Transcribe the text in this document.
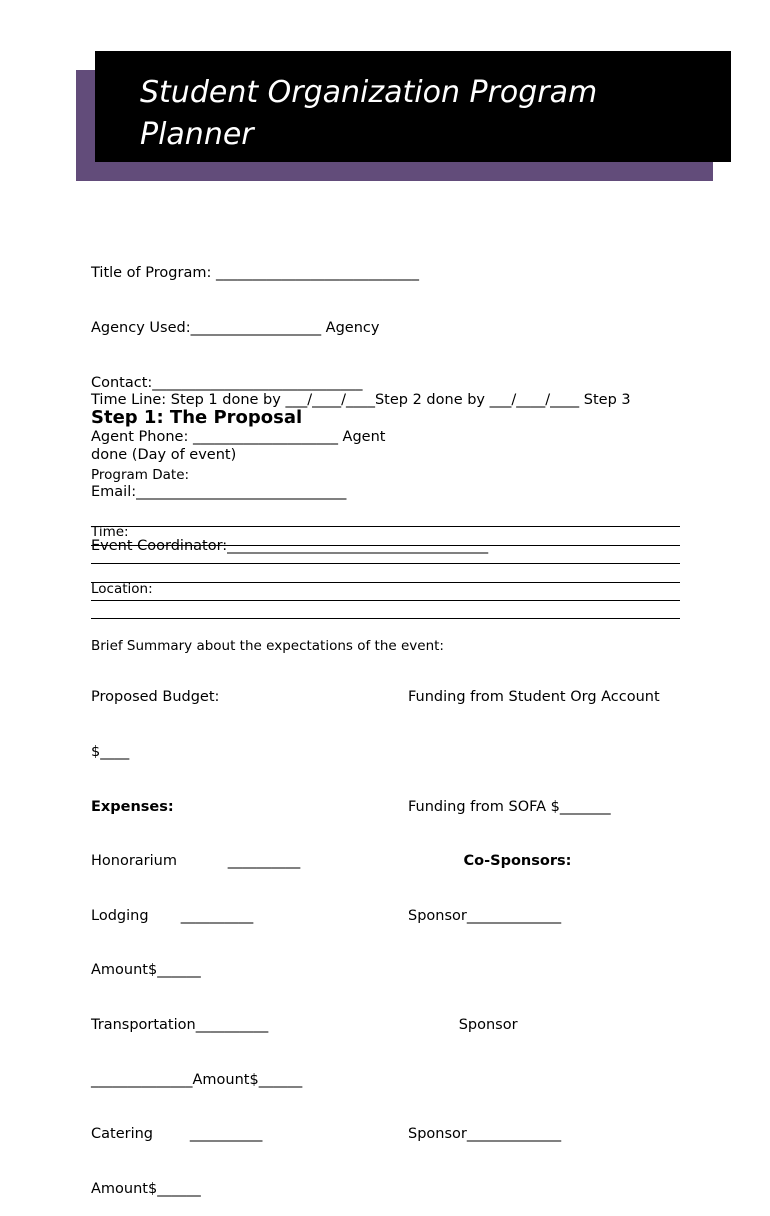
Student Organization Program
Planner

Title of Program: ____________________________

Agency Used:__________________ Agency

Contact:_____________________________

Agent Phone: ____________________ Agent

Email:_____________________________

Event Coordinator:____________________________________

Time Line: Step 1 done by ___/____/____Step 2 done by ___/____/____ Step 3

done (Day of event)

Step 1: The Proposal

Program Date:

Time:

Location:

Brief Summary about the expectations of the event:

Proposed Budget:

$____

Expenses:

Honorarium           __________

Lodging       __________

Amount$______

Transportation__________

______________Amount$______

Catering        __________

Amount$______

Funding from Student Org Account

Funding from SOFA $_______

Co-Sponsors:

Sponsor_____________

Sponsor

Sponsor_____________
